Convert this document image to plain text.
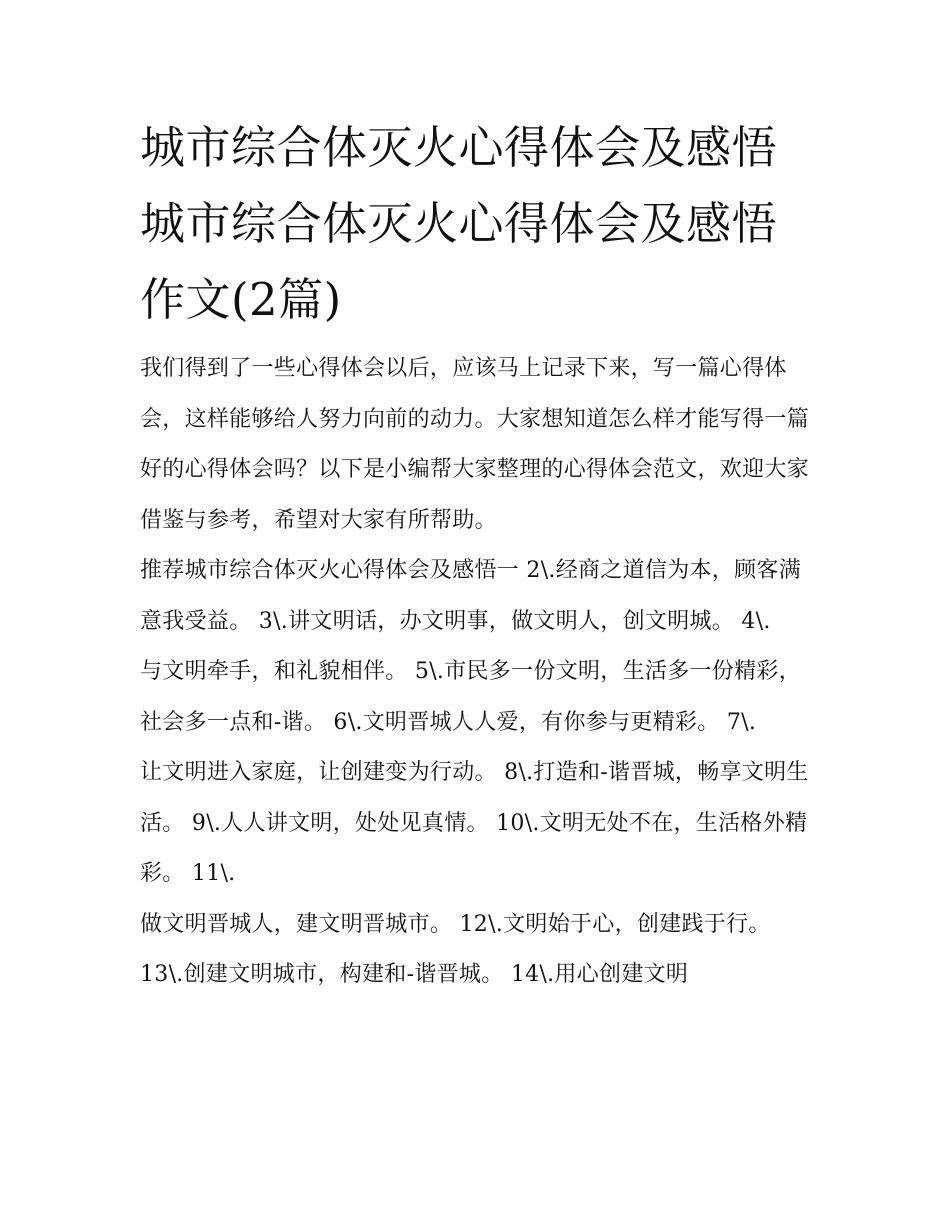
城市综合体灭火心得体会及感悟 城市综合体灭火心得体会及感悟作文(2篇)

我们得到了一些心得体会以后，应该马上记录下来，写一篇心得体会，这样能够给人努力向前的动力。大家想知道怎么样才能写得一篇好的心得体会吗？以下是小编帮大家整理的心得体会范文，欢迎大家借鉴与参考，希望对大家有所帮助。

推荐城市综合体灭火心得体会及感悟一 2\.经商之道信为本，顾客满意我受益。 3\.讲文明话，办文明事，做文明人，创文明城。 4\.

与文明牵手，和礼貌相伴。 5\.市民多一份文明，生活多一份精彩，社会多一点和-谐。 6\.文明晋城人人爱，有你参与更精彩。 7\.

让文明进入家庭，让创建变为行动。 8\.打造和-谐晋城，畅享文明生活。 9\.人人讲文明，处处见真情。 10\.文明无处不在，生活格外精彩。 11\.

做文明晋城人，建文明晋城市。 12\.文明始于心，创建践于行。 13\.创建文明城市，构建和-谐晋城。 14\.用心创建文明
